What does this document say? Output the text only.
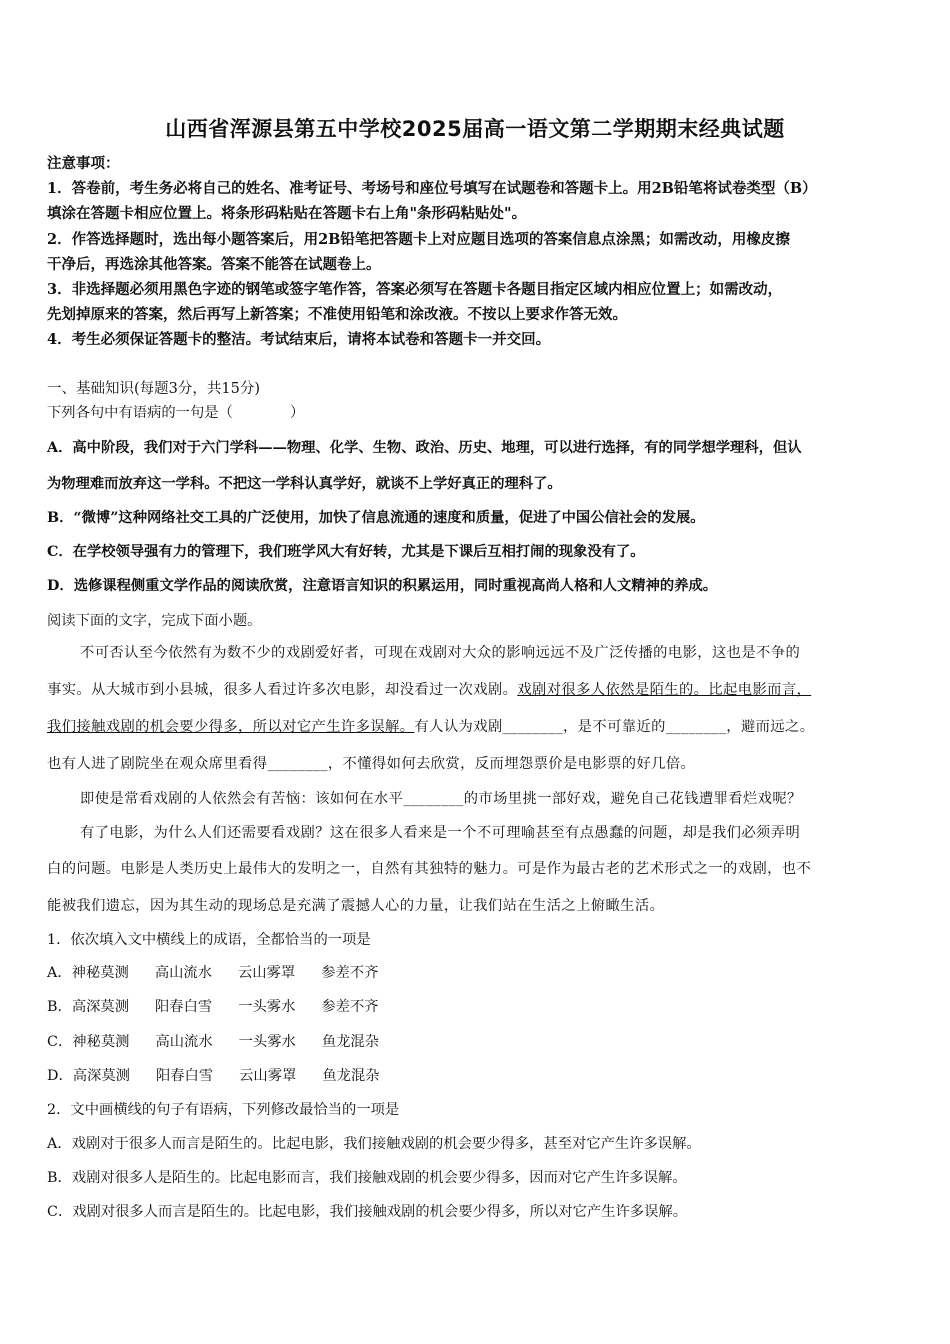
山西省浑源县第五中学校2025届高一语文第二学期期末经典试题
注意事项：
1．答卷前，考生务必将自己的姓名、准考证号、考场号和座位号填写在试题卷和答题卡上。用2B铅笔将试卷类型（B）
填涂在答题卡相应位置上。将条形码粘贴在答题卡右上角"条形码粘贴处"。
2．作答选择题时，选出每小题答案后，用2B铅笔把答题卡上对应题目选项的答案信息点涂黑；如需改动，用橡皮擦
干净后，再选涂其他答案。答案不能答在试题卷上。
3．非选择题必须用黑色字迹的钢笔或签字笔作答，答案必须写在答题卡各题目指定区域内相应位置上；如需改动，
先划掉原来的答案，然后再写上新答案；不准使用铅笔和涂改液。不按以上要求作答无效。
4．考生必须保证答题卡的整洁。考试结束后，请将本试卷和答题卡一并交回。
一、基础知识(每题3分，共15分)
下列各句中有语病的一句是（　　　　）
A．高中阶段，我们对于六门学科——物理、化学、生物、政治、历史、地理，可以进行选择，有的同学想学理科，但认
为物理难而放弃这一学科。不把这一学科认真学好，就谈不上学好真正的理科了。
B．“微博”这种网络社交工具的广泛使用，加快了信息流通的速度和质量，促进了中国公信社会的发展。
C．在学校领导强有力的管理下，我们班学风大有好转，尤其是下课后互相打闹的现象没有了。
D．选修课程侧重文学作品的阅读欣赏，注意语言知识的积累运用，同时重视高尚人格和人文精神的养成。
阅读下面的文字，完成下面小题。
不可否认至今依然有为数不少的戏剧爱好者，可现在戏剧对大众的影响远远不及广泛传播的电影，这也是不争的
事实。从大城市到小县城，很多人看过许多次电影，却没看过一次戏剧。戏剧对很多人依然是陌生的。比起电影而言，
我们接触戏剧的机会要少得多，所以对它产生许多误解。有人认为戏剧________，是不可靠近的________，避而远之。
也有人进了剧院坐在观众席里看得________，不懂得如何去欣赏，反而埋怨票价是电影票的好几倍。
即使是常看戏剧的人依然会有苦恼：该如何在水平________的市场里挑一部好戏，避免自己花钱遭罪看烂戏呢？
有了电影，为什么人们还需要看戏剧？这在很多人看来是一个不可理喻甚至有点愚蠢的问题，却是我们必须弄明
白的问题。电影是人类历史上最伟大的发明之一，自然有其独特的魅力。可是作为最古老的艺术形式之一的戏剧，也不
能被我们遗忘，因为其生动的现场总是充满了震撼人心的力量，让我们站在生活之上俯瞰生活。
1．依次填入文中横线上的成语，全都恰当的一项是
A．神秘莫测 高山流水 云山雾罩 参差不齐
B．高深莫测 阳春白雪 一头雾水 参差不齐
C．神秘莫测 高山流水 一头雾水 鱼龙混杂
D．高深莫测 阳春白雪 云山雾罩 鱼龙混杂
2．文中画横线的句子有语病，下列修改最恰当的一项是
A．戏剧对于很多人而言是陌生的。比起电影，我们接触戏剧的机会要少得多，甚至对它产生许多误解。
B．戏剧对很多人是陌生的。比起电影而言，我们接触戏剧的机会要少得多，因而对它产生许多误解。
C．戏剧对很多人而言是陌生的。比起电影，我们接触戏剧的机会要少得多，所以对它产生许多误解。
